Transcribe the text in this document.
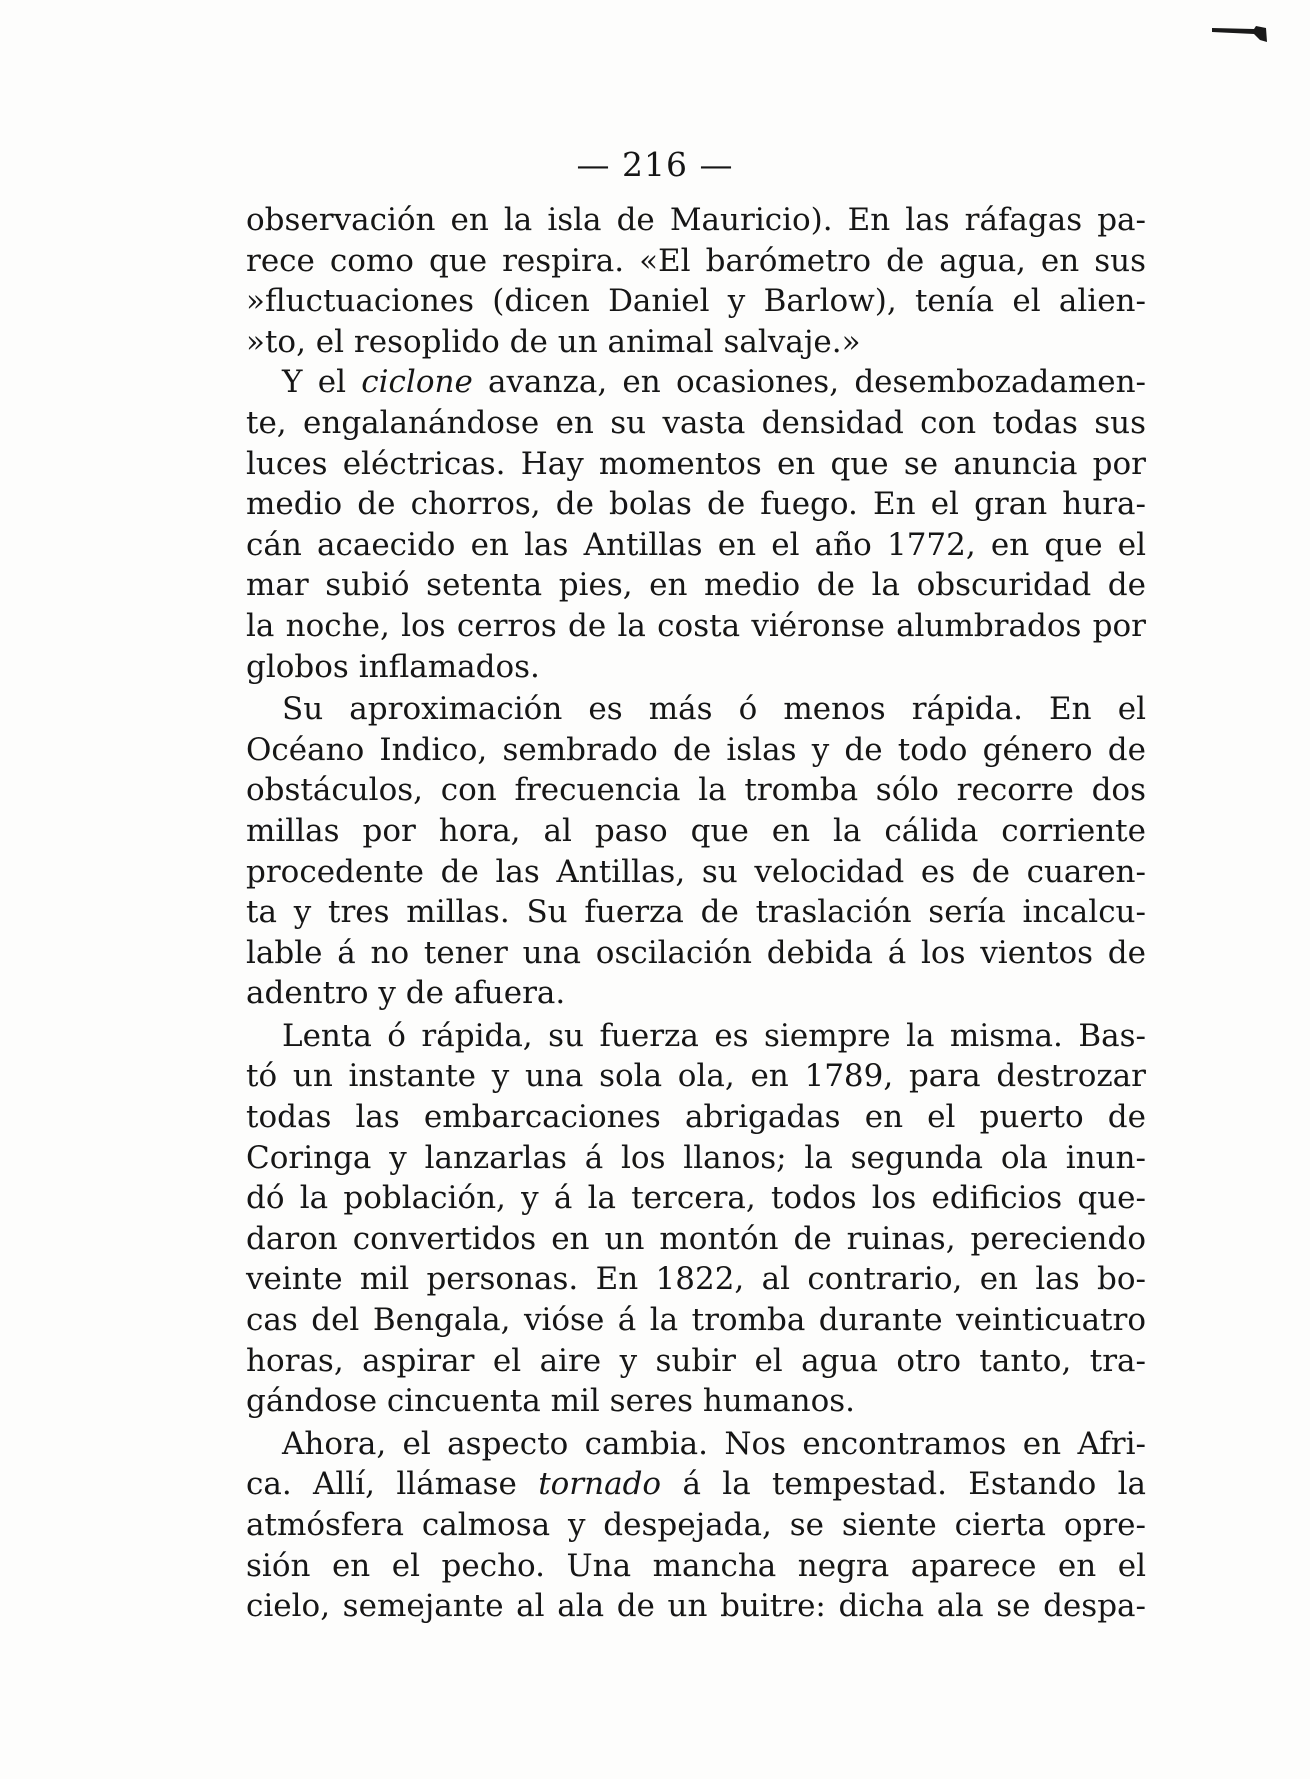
— 216 —
observación en la isla de Mauricio). En las ráfagas pa-
rece como que respira. «El barómetro de agua, en sus
»fluctuaciones (dicen Daniel y Barlow), tenía el alien-
»to, el resoplido de un animal salvaje.»
Y el ciclone avanza, en ocasiones, desembozadamen-
te, engalanándose en su vasta densidad con todas sus
luces eléctricas. Hay momentos en que se anuncia por
medio de chorros, de bolas de fuego. En el gran hura-
cán acaecido en las Antillas en el año 1772, en que el
mar subió setenta pies, en medio de la obscuridad de
la noche, los cerros de la costa viéronse alumbrados por
globos inflamados.
Su aproximación es más ó menos rápida. En el
Océano Indico, sembrado de islas y de todo género de
obstáculos, con frecuencia la tromba sólo recorre dos
millas por hora, al paso que en la cálida corriente
procedente de las Antillas, su velocidad es de cuaren-
ta y tres millas. Su fuerza de traslación sería incalcu-
lable á no tener una oscilación debida á los vientos de
adentro y de afuera.
Lenta ó rápida, su fuerza es siempre la misma. Bas-
tó un instante y una sola ola, en 1789, para destrozar
todas las embarcaciones abrigadas en el puerto de
Coringa y lanzarlas á los llanos; la segunda ola inun-
dó la población, y á la tercera, todos los edificios que-
daron convertidos en un montón de ruinas, pereciendo
veinte mil personas. En 1822, al contrario, en las bo-
cas del Bengala, vióse á la tromba durante veinticuatro
horas, aspirar el aire y subir el agua otro tanto, tra-
gándose cincuenta mil seres humanos.
Ahora, el aspecto cambia. Nos encontramos en Afri-
ca. Allí, llámase tornado á la tempestad. Estando la
atmósfera calmosa y despejada, se siente cierta opre-
sión en el pecho. Una mancha negra aparece en el
cielo, semejante al ala de un buitre: dicha ala se despa-
